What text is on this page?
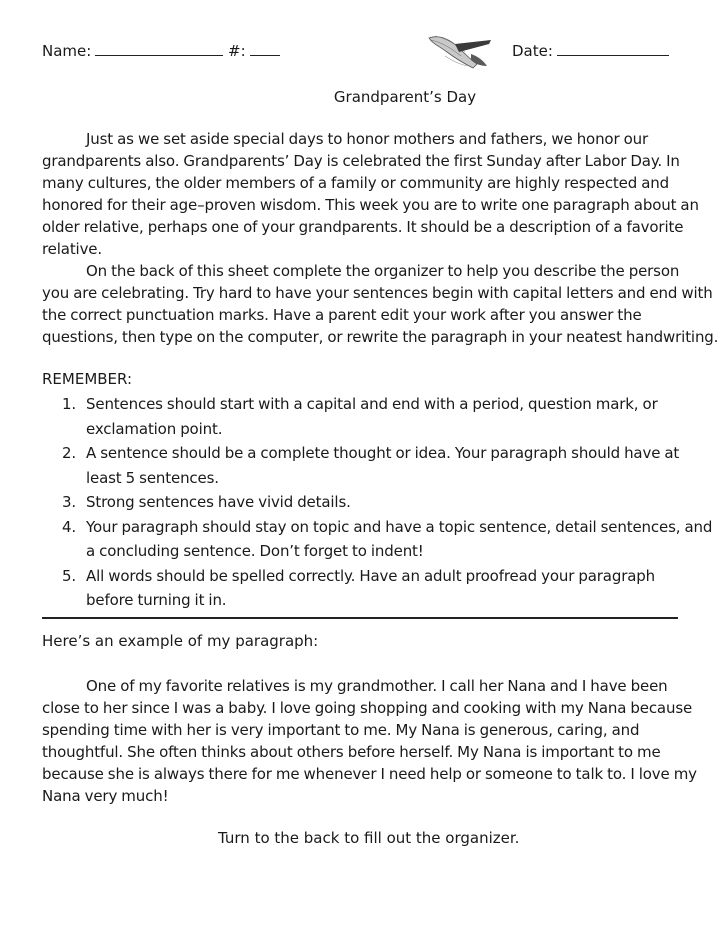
Name:	#:	Date:
Grandparent’s Day
Just as we set aside special days to honor mothers and fathers, we honor our
grandparents also. Grandparents’ Day is celebrated the first Sunday after Labor Day. In
many cultures, the older members of a family or community are highly respected and
honored for their age–proven wisdom. This week you are to write one paragraph about an
older relative, perhaps one of your grandparents. It should be a description of a favorite
relative.
On the back of this sheet complete the organizer to help you describe the person
you are celebrating. Try hard to have your sentences begin with capital letters and end with
the correct punctuation marks. Have a parent edit your work after you answer the
questions, then type on the computer, or rewrite the paragraph in your neatest handwriting.
REMEMBER:
1. Sentences should start with a capital and end with a period, question mark, or
exclamation point.
2. A sentence should be a complete thought or idea. Your paragraph should have at
least 5 sentences.
3. Strong sentences have vivid details.
4. Your paragraph should stay on topic and have a topic sentence, detail sentences, and
a concluding sentence. Don’t forget to indent!
5. All words should be spelled correctly. Have an adult proofread your paragraph
before turning it in.
Here’s an example of my paragraph:
One of my favorite relatives is my grandmother. I call her Nana and I have been
close to her since I was a baby. I love going shopping and cooking with my Nana because
spending time with her is very important to me. My Nana is generous, caring, and
thoughtful. She often thinks about others before herself. My Nana is important to me
because she is always there for me whenever I need help or someone to talk to. I love my
Nana very much!
Turn to the back to fill out the organizer.
